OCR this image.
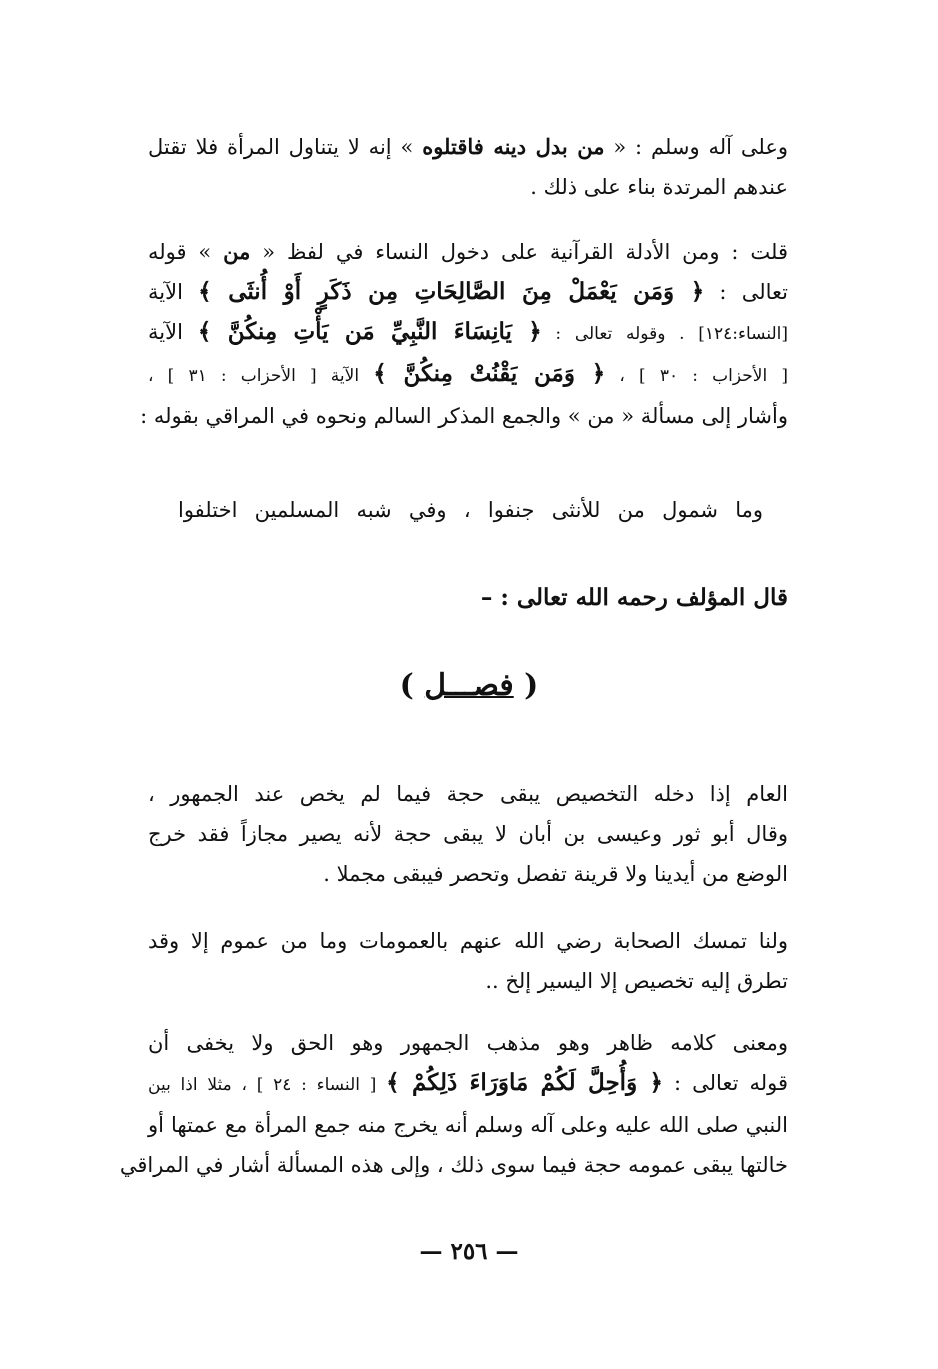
وعلى آله وسلم : « من بدل دينه فاقتلوه » إنه لا يتناول المرأة فلا تقتل
عندهم المرتدة بناء على ذلك .
قلت : ومن الأدلة القرآنية على دخول النساء في لفظ « من » قوله
تعالى : ﴿ وَمَن يَعْمَلْ مِنَ الصَّالِحَاتِ مِن ذَكَرٍ أَوْ أُنثَى ﴾ الآية
[النساء:١٢٤] . وقوله تعالى : ﴿ يَانِسَاءَ النَّبِيِّ مَن يَأْتِ مِنكُنَّ ﴾ الآية
[ الأحزاب : ٣٠ ] ، ﴿ وَمَن يَقْنُتْ مِنكُنَّ ﴾ الآية [ الأحزاب : ٣١ ] ،
وأشار إلى مسألة « من » والجمع المذكر السالم ونحوه في المراقي بقوله :
وما شمول من للأنثى جنفوا ، وفي شبه المسلمين اختلفوا
قال المؤلف رحمه الله تعالى : –
( فصـــل )
العام إذا دخله التخصيص يبقى حجة فيما لم يخص عند الجمهور ،
وقال أبو ثور وعيسى بن أبان لا يبقى حجة لأنه يصير مجازاً فقد خرج
الوضع من أيدينا ولا قرينة تفصل وتحصر فيبقى مجملا .
ولنا تمسك الصحابة رضي الله عنهم بالعمومات وما من عموم إلا وقد
تطرق إليه تخصيص إلا اليسير إلخ ..
ومعنى كلامه ظاهر وهو مذهب الجمهور وهو الحق ولا يخفى أن
قوله تعالى : ﴿ وَأُحِلَّ لَكُمْ مَاوَرَاءَ ذَلِكُمْ ﴾ [ النساء : ٢٤ ] ، مثلا اذا بين
النبي صلى الله عليه وعلى آله وسلم أنه يخرج منه جمع المرأة مع عمتها أو
خالتها يبقى عمومه حجة فيما سوى ذلك ، وإلى هذه المسألة أشار في المراقي
— ٢٥٦ —
